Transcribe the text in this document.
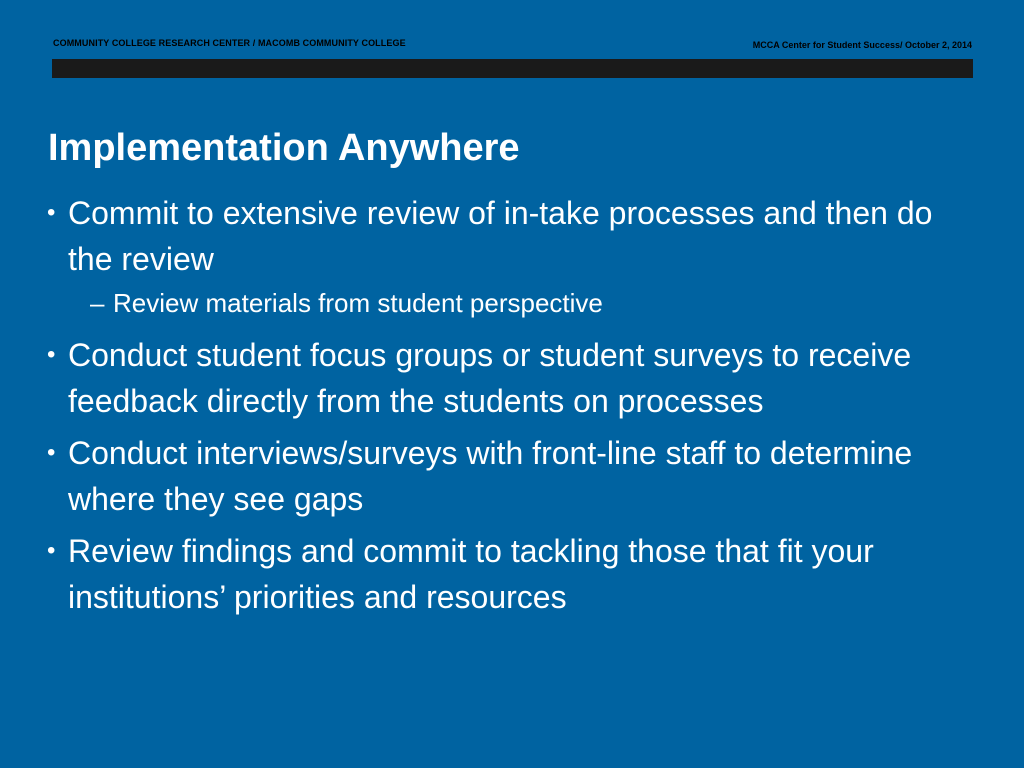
COMMUNITY COLLEGE RESEARCH CENTER / MACOMB COMMUNITY COLLEGE	MCCA Center for Student Success/ October 2, 2014
Implementation Anywhere
• Commit to extensive review of in-take processes and then do the review
– Review materials from student perspective
• Conduct student focus groups or student surveys to receive feedback directly from the students on processes
• Conduct interviews/surveys with front-line staff to determine where they see gaps
• Review findings and commit to tackling those that fit your institutions’ priorities and resources
